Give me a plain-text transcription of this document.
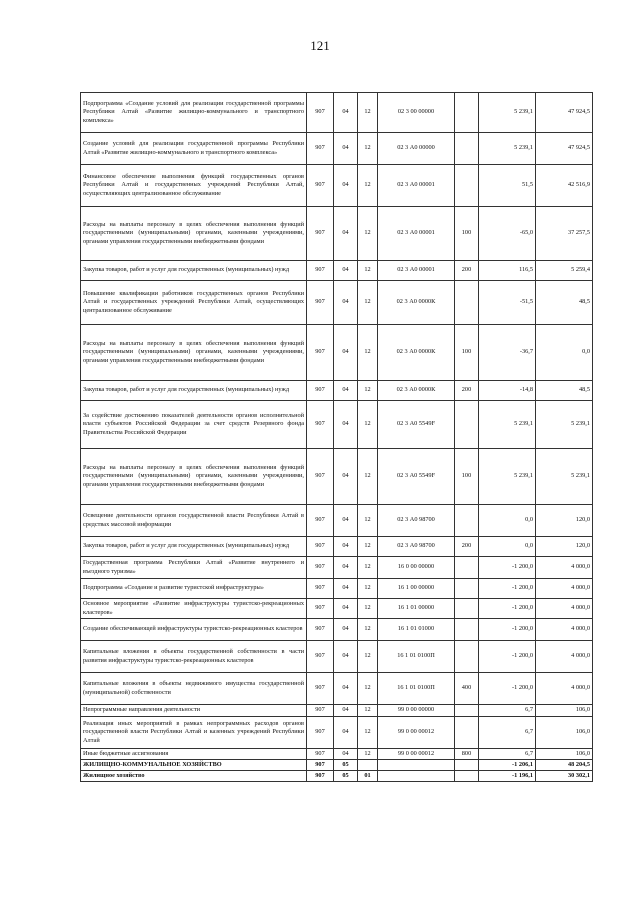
121
Подпрограмма «Создание условий для реализации государственной программы Республики Алтай «Развитие жилищно-коммунального и транспортного комплекса»	907	04	12	02 3 00 00000		5 239,1	47 924,5
Создание условий для реализации государственной программы Республики Алтай «Развитие жилищно-коммунального и транспортного комплекса»	907	04	12	02 3 А0 00000		5 239,1	47 924,5
Финансовое обеспечение выполнения функций государственных органов Республики Алтай и государственных учреждений Республики Алтай, осуществляющих централизованное обслуживание	907	04	12	02 3 А0 00001		51,5	42 516,9
Расходы на выплаты персоналу в целях обеспечения выполнения функций государственными (муниципальными) органами, казенными учреждениями, органами управления государственными внебюджетными фондами	907	04	12	02 3 А0 00001	100	-65,0	37 257,5
Закупка товаров, работ и услуг для государственных (муниципальных) нужд	907	04	12	02 3 А0 00001	200	116,5	5 259,4
Повышение квалификации работников государственных органов Республики Алтай и государственных учреждений Республики Алтай, осуществляющих централизованное обслуживание	907	04	12	02 3 А0 0000К		-51,5	48,5
Расходы на выплаты персоналу в целях обеспечения выполнения функций государственными (муниципальными) органами, казенными учреждениями, органами управления государственными внебюджетными фондами	907	04	12	02 3 А0 0000К	100	-36,7	0,0
Закупка товаров, работ и услуг для государственных (муниципальных) нужд	907	04	12	02 3 А0 0000К	200	-14,8	48,5
За содействие достижению показателей деятельности органов исполнительной власти субъектов Российской Федерации за счет средств Резервного фонда Правительства Российской Федерации	907	04	12	02 3 А0 5549F		5 239,1	5 239,1
Расходы на выплаты персоналу в целях обеспечения выполнения функций государственными (муниципальными) органами, казенными учреждениями, органами управления государственными внебюджетными фондами	907	04	12	02 3 А0 5549F	100	5 239,1	5 239,1
Освещение деятельности органов государственной власти Республики Алтай в средствах массовой информации	907	04	12	02 3 А0 98700		0,0	120,0
Закупка товаров, работ и услуг для государственных (муниципальных) нужд	907	04	12	02 3 А0 98700	200	0,0	120,0
Государственная программа Республики Алтай «Развитие внутреннего и въездного туризма»	907	04	12	16 0 00 00000		-1 200,0	4 000,0
Подпрограмма «Создание и развитие туристской инфраструктуры»	907	04	12	16 1 00 00000		-1 200,0	4 000,0
Основное мероприятие «Развитие инфраструктуры туристско-рекреационных кластеров»	907	04	12	16 1 01 00000		-1 200,0	4 000,0
Создание обеспечивающей инфраструктуры туристско-рекреационных кластеров	907	04	12	16 1 01 01000		-1 200,0	4 000,0
Капитальные вложения в объекты государственной собственности в части развития инфраструктуры туристско-рекреационных кластеров	907	04	12	16 1 01 0100П		-1 200,0	4 000,0
Капитальные вложения в объекты недвижимого имущества государственной (муниципальной) собственности	907	04	12	16 1 01 0100П	400	-1 200,0	4 000,0
Непрограммные направления деятельности	907	04	12	99 0 00 00000		6,7	106,0
Реализация иных мероприятий в рамках непрограммных расходов органов государственной власти Республики Алтай и казенных учреждений Республики Алтай	907	04	12	99 0 00 00012		6,7	106,0
Иные бюджетные ассигнования	907	04	12	99 0 00 00012	800	6,7	106,0
ЖИЛИЩНО-КОММУНАЛЬНОЕ ХОЗЯЙСТВО	907	05				-1 206,1	48 204,5
Жилищное хозяйство	907	05	01			-1 196,1	30 302,1
